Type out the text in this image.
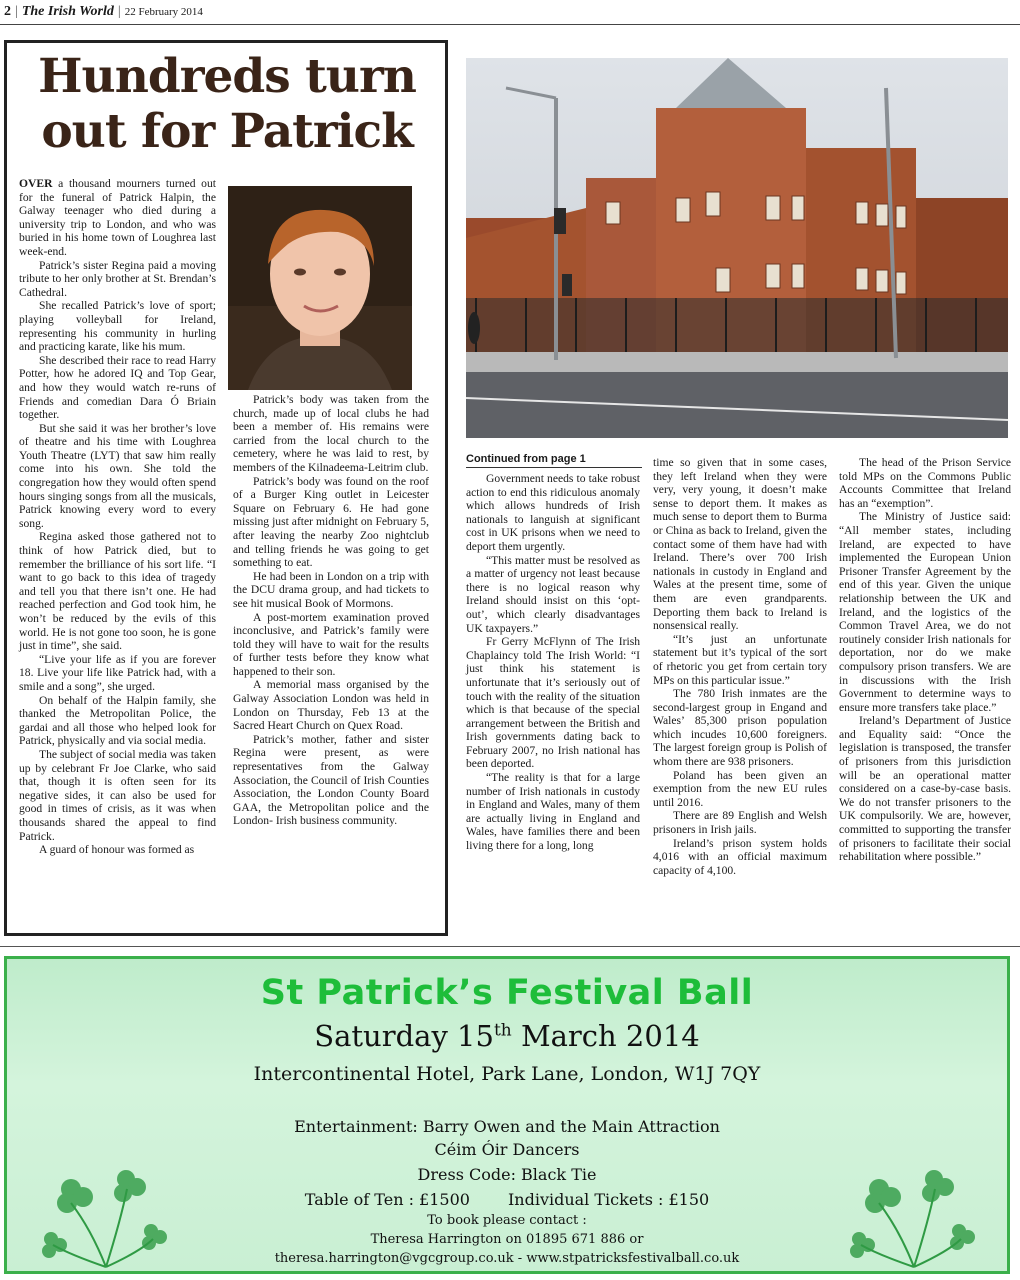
2 | The Irish World | 22 February 2014
Hundreds turn
out for Patrick

OVER a thousand mourners turned out for the funeral of Patrick Halpin, the Galway teenager who died during a university trip to London, and who was buried in his home town of Loughrea last week-end.

Patrick’s sister Regina paid a moving tribute to her only brother at St. Brendan’s Cathedral.

She recalled Patrick’s love of sport; playing volleyball for Ireland, representing his community in hurling and practicing karate, like his mum.

She described their race to read Harry Potter, how he adored IQ and Top Gear, and how they would watch re-runs of Friends and comedian Dara Ó Briain together.

But she said it was her brother’s love of theatre and his time with Loughrea Youth Theatre (LYT) that saw him really come into his own. She told the congregation how they would often spend hours singing songs from all the musicals, Patrick knowing every word to every song.

Regina asked those gathered not to think of how Patrick died, but to remember the brilliance of his sort life. “I want to go back to this idea of tragedy and tell you that there isn’t one. He had reached perfection and God took him, he won’t be reduced by the evils of this world. He is not gone too soon, he is gone just in time”, she said.

“Live your life as if you are forever 18. Live your life like Patrick had, with a smile and a song”, she urged.

On behalf of the Halpin family, she thanked the Metropolitan Police, the gardai and all those who helped look for Patrick, physically and via social media.

The subject of social media was taken up by celebrant Fr Joe Clarke, who said that, though it is often seen for its negative sides, it can also be used for good in times of crisis, as it was when thousands shared the appeal to find Patrick.

A guard of honour was formed as

Patrick’s body was taken from the church, made up of local clubs he had been a member of. His remains were carried from the local church to the cemetery, where he was laid to rest, by members of the Kilnadeema-Leitrim club.

Patrick’s body was found on the roof of a Burger King outlet in Leicester Square on February 6. He had gone missing just after midnight on February 5, after leaving the nearby Zoo nightclub and telling friends he was going to get something to eat.

He had been in London on a trip with the DCU drama group, and had tickets to see hit musical Book of Mormons.

A post-mortem examination proved inconclusive, and Patrick’s family were told they will have to wait for the results of further tests before they know what happened to their son.

A memorial mass organised by the Galway Association London was held in London on Thursday, Feb 13 at the Sacred Heart Church on Quex Road.

Patrick’s mother, father and sister Regina were present, as were representatives from the Galway Association, the Council of Irish Counties Association, the London County Board GAA, the Metropolitan police and the London- Irish business community.

Continued from page 1

Government needs to take robust action to end this ridiculous anomaly which allows hundreds of Irish nationals to languish at significant cost in UK prisons when we need to deport them urgently.

“This matter must be resolved as a matter of urgency not least because there is no logical reason why Ireland should insist on this ‘opt-out’, which clearly disadvantages UK taxpayers.”

Fr Gerry McFlynn of The Irish Chaplaincy told The Irish World: “I just think his statement is unfortunate that it’s seriously out of touch with the reality of the situation which is that because of the special arrangement between the British and Irish governments dating back to February 2007, no Irish national has been deported.

“The reality is that for a large number of Irish nationals in custody in England and Wales, many of them are actually living in England and Wales, have families there and been living there for a long, long

time so given that in some cases, they left Ireland when they were very, very young, it doesn’t make sense to deport them. It makes as much sense to deport them to Burma or China as back to Ireland, given the contact some of them have had with Ireland. There’s over 700 Irish nationals in custody in England and Wales at the present time, some of them are even grandparents. Deporting them back to Ireland is nonsensical really.

“It’s just an unfortunate statement but it’s typical of the sort of rhetoric you get from certain tory MPs on this particular issue.”

The 780 Irish inmates are the second-largest group in Engand and Wales’ 85,300 prison population which incudes 10,600 foreigners. The largest foreign group is Polish of whom there are 938 prisoners.

Poland has been given an exemption from the new EU rules until 2016.

There are 89 English and Welsh prisoners in Irish jails.

Ireland’s prison system holds 4,016 with an official maximum capacity of 4,100.

The head of the Prison Service told MPs on the Commons Public Accounts Committee that Ireland has an “exemption”.

The Ministry of Justice said: “All member states, including Ireland, are expected to have implemented the European Union Prisoner Transfer Agreement by the end of this year. Given the unique relationship between the UK and Ireland, and the logistics of the Common Travel Area, we do not routinely consider Irish nationals for deportation, nor do we make compulsory prison transfers. We are in discussions with the Irish Government to determine ways to ensure more transfers take place.”

Ireland’s Department of Justice and Equality said: “Once the legislation is transposed, the transfer of prisoners from this jurisdiction will be an operational matter considered on a case-by-case basis. We do not transfer prisoners to the UK compulsorily. We are, however, committed to supporting the transfer of prisoners to facilitate their social rehabilitation where possible.”

St Patrick’s Festival Ball
Saturday 15th March 2014
Intercontinental Hotel, Park Lane, London, W1J 7QY
Entertainment: Barry Owen and the Main Attraction
Céim Óir Dancers
Dress Code: Black Tie
Table of Ten : £1500 Individual Tickets : £150
To book please contact :
Theresa Harrington on 01895 671 886 or
theresa.harrington@vgcgroup.co.uk - www.stpatricksfestivalball.co.uk
